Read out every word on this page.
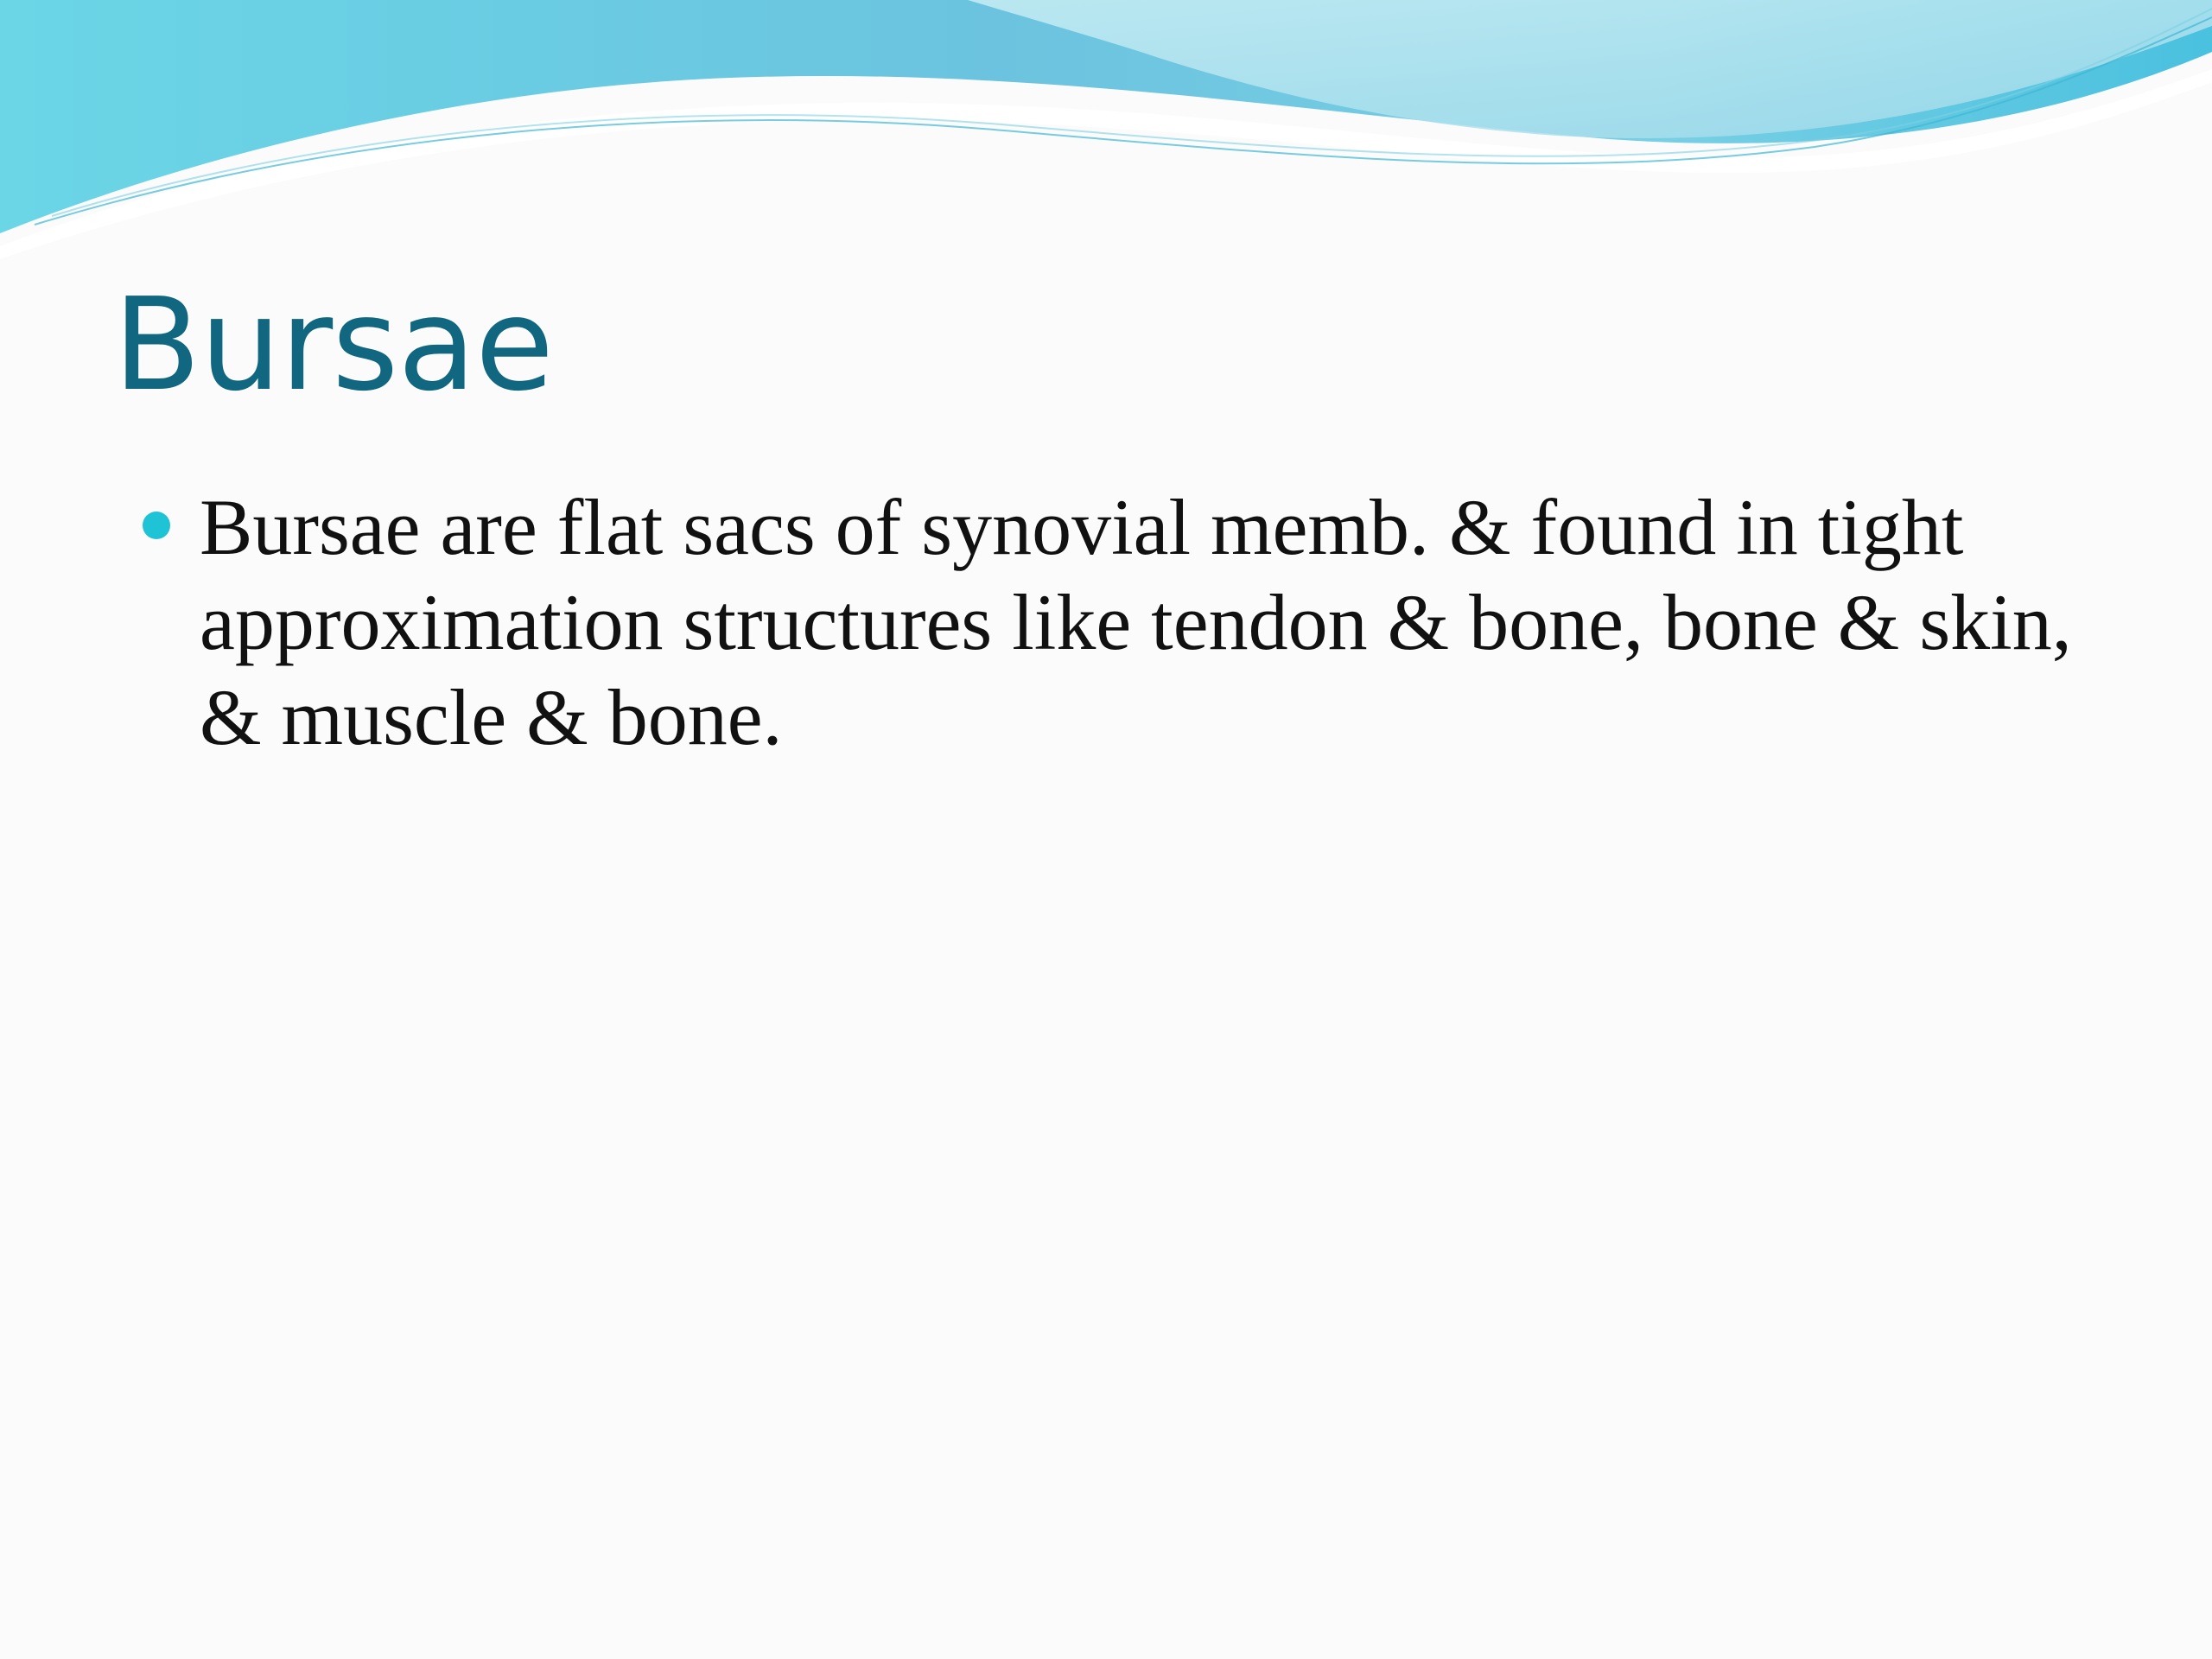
Bursae
Bursae are flat sacs of synovial memb. & found in tight approximation structures like tendon & bone, bone & skin, & muscle & bone.
